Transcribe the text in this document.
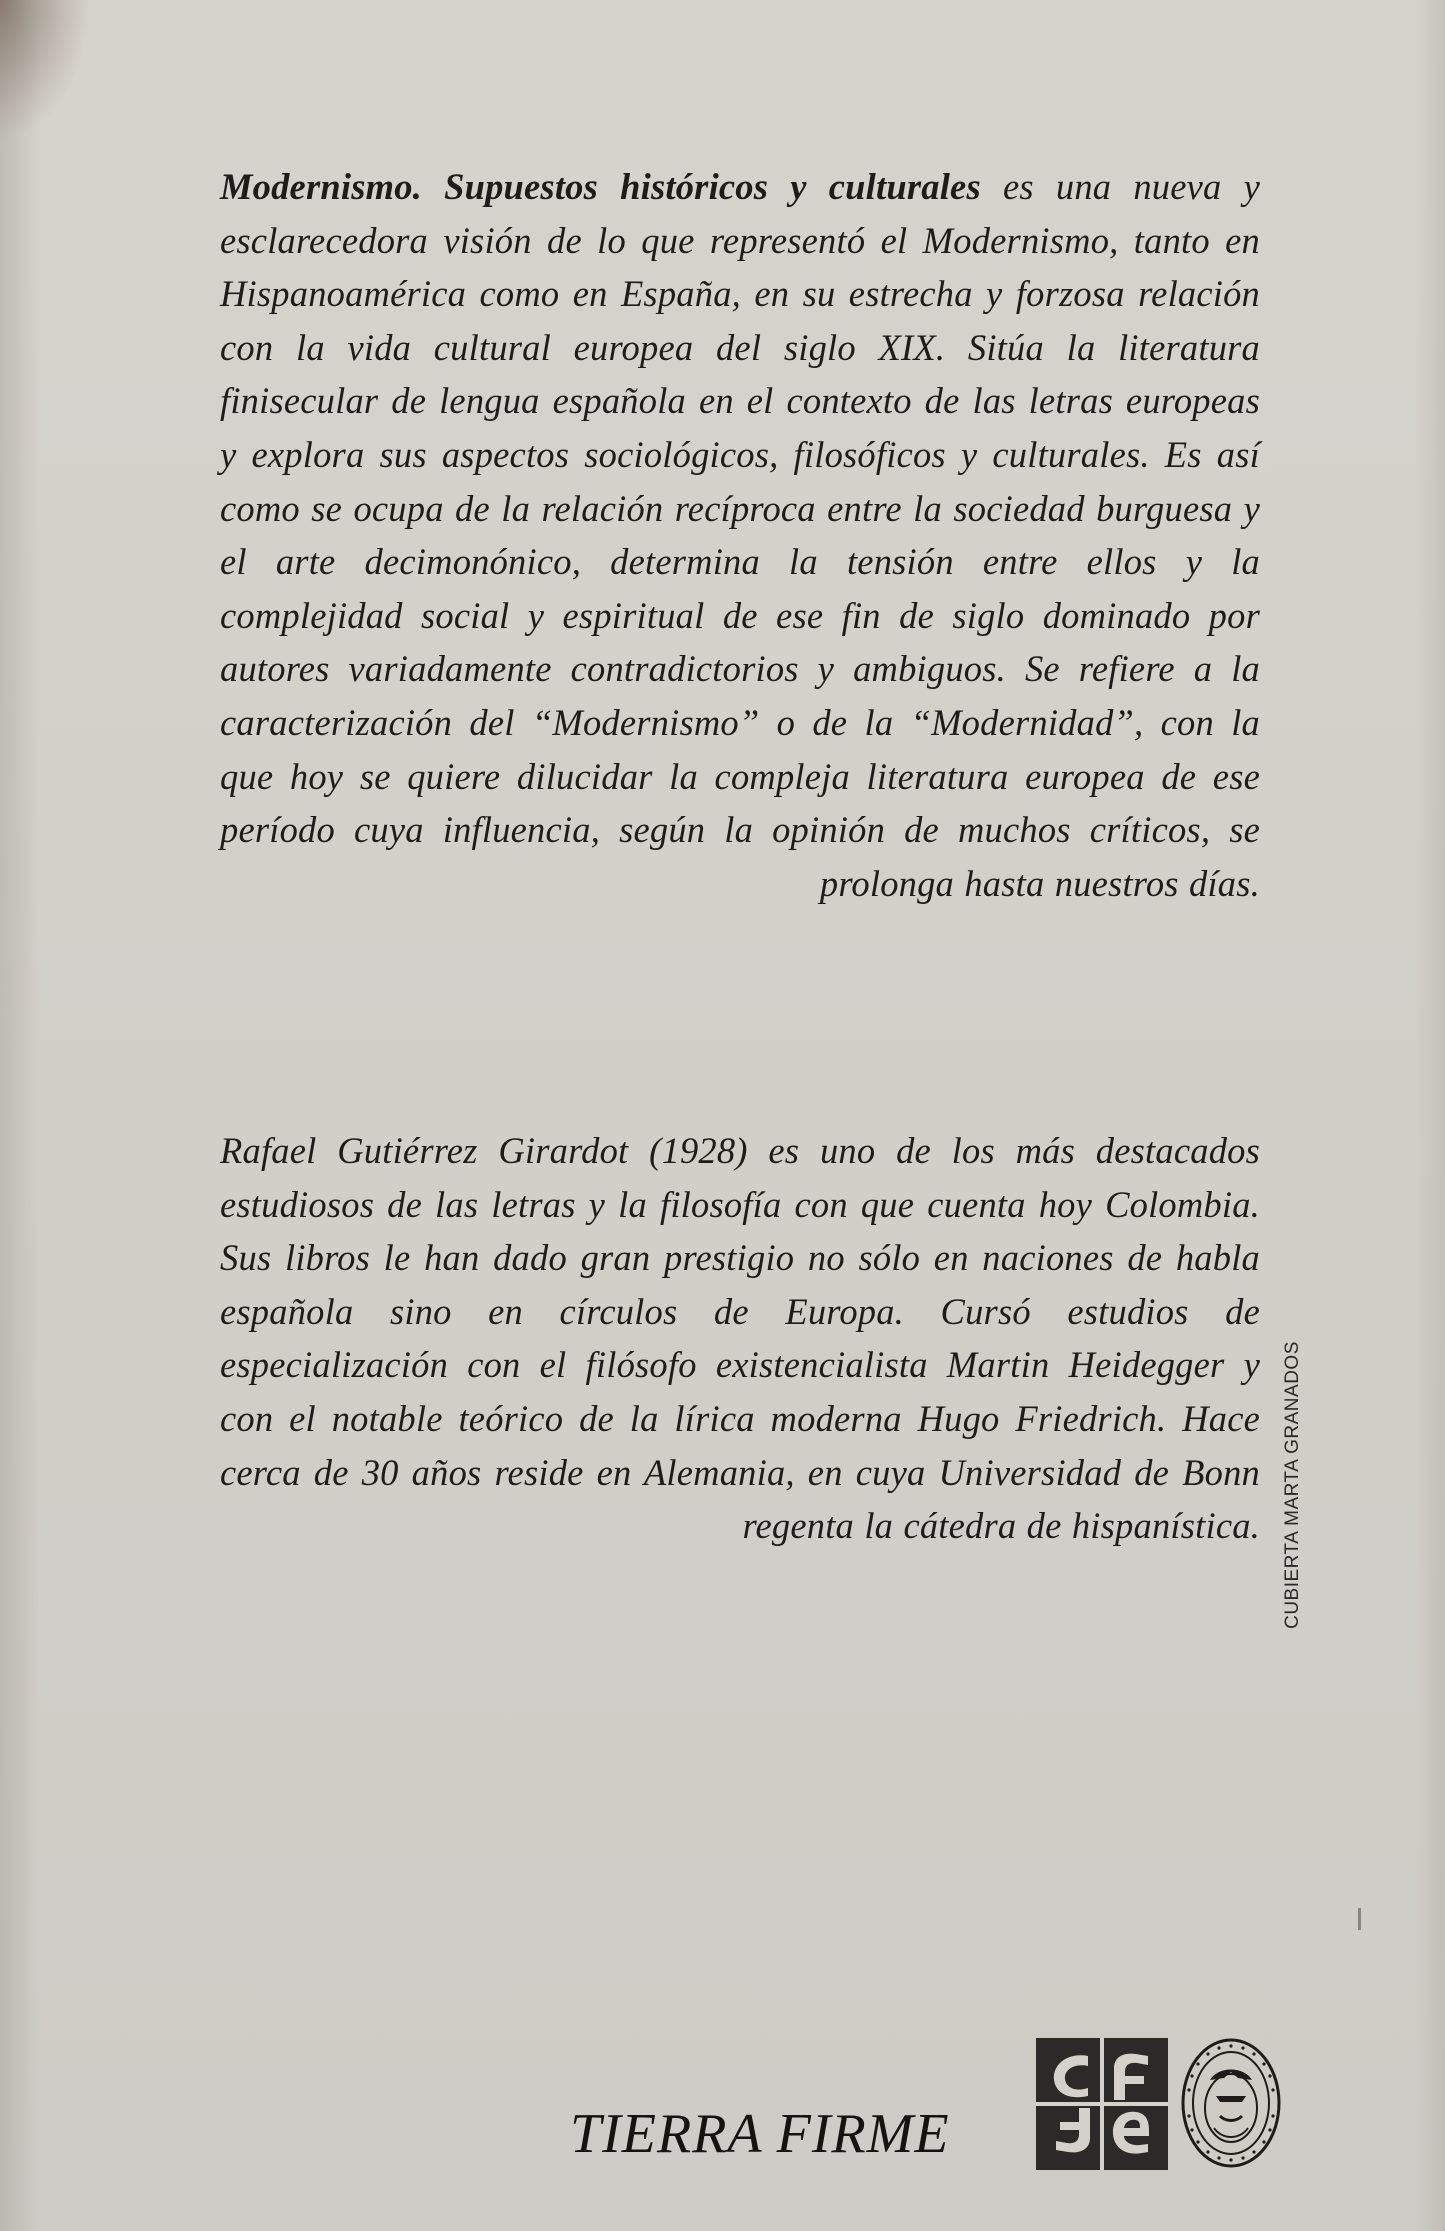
Modernismo. Supuestos históricos y culturales es una nueva y esclarecedora visión de lo que representó el Modernismo, tanto en Hispanoamérica como en España, en su estrecha y forzosa relación con la vida cultural europea del siglo XIX. Sitúa la literatura finisecular de lengua española en el contexto de las letras europeas y explora sus aspectos sociológicos, filosóficos y culturales. Es así como se ocupa de la relación recíproca entre la sociedad burguesa y el arte decimonónico, determina la tensión entre ellos y la complejidad social y espiritual de ese fin de siglo dominado por autores variadamente contradictorios y ambiguos. Se refiere a la caracterización del “Modernismo” o de la “Modernidad”, con la que hoy se quiere dilucidar la compleja literatura europea de ese período cuya influencia, según la opinión de muchos críticos, se prolonga hasta nuestros días.

Rafael Gutiérrez Girardot (1928) es uno de los más destacados estudiosos de las letras y la filosofía con que cuenta hoy Colombia. Sus libros le han dado gran prestigio no sólo en naciones de habla española sino en círculos de Europa. Cursó estudios de especialización con el filósofo existencialista Martin Heidegger y con el notable teórico de la lírica moderna Hugo Friedrich. Hace cerca de 30 años reside en Alemania, en cuya Universidad de Bonn regenta la cátedra de hispanística. CUBIERTA MARTA GRANADOS
TIERRA FIRME
